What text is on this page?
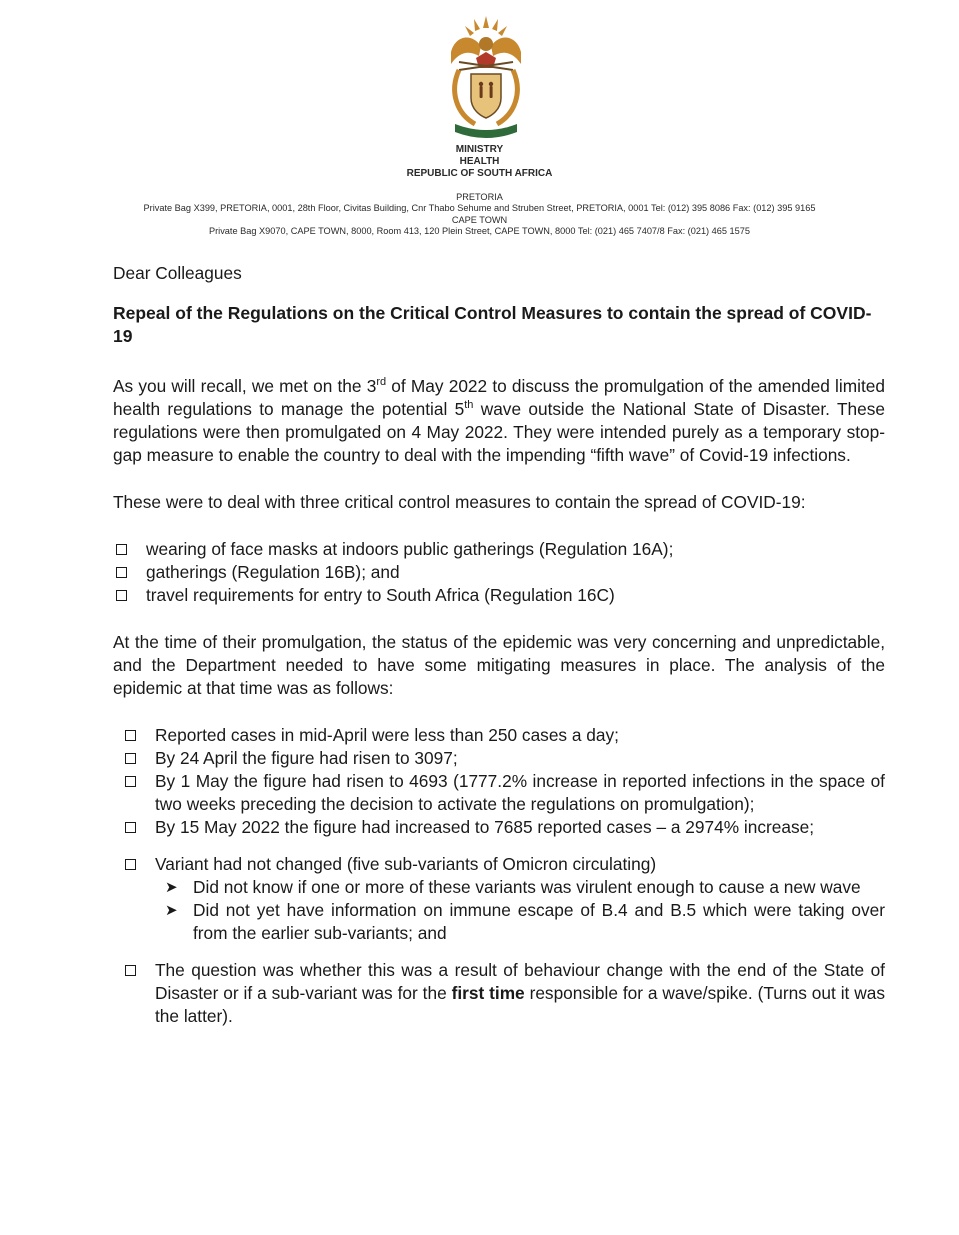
MINISTRY
HEALTH
REPUBLIC OF SOUTH AFRICA
PRETORIA
Private Bag X399, PRETORIA, 0001, 28th Floor, Civitas Building, Cnr Thabo Sehume and Struben Street, PRETORIA, 0001 Tel: (012) 395 8086 Fax: (012) 395 9165
CAPE TOWN
Private Bag X9070, CAPE TOWN, 8000, Room 413, 120 Plein Street, CAPE TOWN, 8000 Tel: (021) 465 7407/8 Fax: (021) 465 1575
Dear Colleagues
Repeal of the Regulations on the Critical Control Measures to contain the spread of COVID-19

As you will recall, we met on the 3rd of May 2022 to discuss the promulgation of the amended limited health regulations to manage the potential 5th wave outside the National State of Disaster. These regulations were then promulgated on 4 May 2022. They were intended purely as a temporary stop-gap measure to enable the country to deal with the impending “fifth wave” of Covid-19 infections.

These were to deal with three critical control measures to contain the spread of COVID-19:

wearing of face masks at indoors public gatherings (Regulation 16A);
gatherings (Regulation 16B); and
travel requirements for entry to South Africa (Regulation 16C)

At the time of their promulgation, the status of the epidemic was very concerning and unpredictable, and the Department needed to have some mitigating measures in place. The analysis of the epidemic at that time was as follows:

Reported cases in mid-April were less than 250 cases a day;
By 24 April the figure had risen to 3097;
By 1 May the figure had risen to 4693 (1777.2% increase in reported infections in the space of two weeks preceding the decision to activate the regulations on promulgation);
By 15 May 2022 the figure had increased to 7685 reported cases – a 2974% increase;
Variant had not changed (five sub-variants of Omicron circulating)
➤ Did not know if one or more of these variants was virulent enough to cause a new wave
➤ Did not yet have information on immune escape of B.4 and B.5 which were taking over from the earlier sub-variants; and
The question was whether this was a result of behaviour change with the end of the State of Disaster or if a sub-variant was for the first time responsible for a wave/spike. (Turns out it was the latter).
